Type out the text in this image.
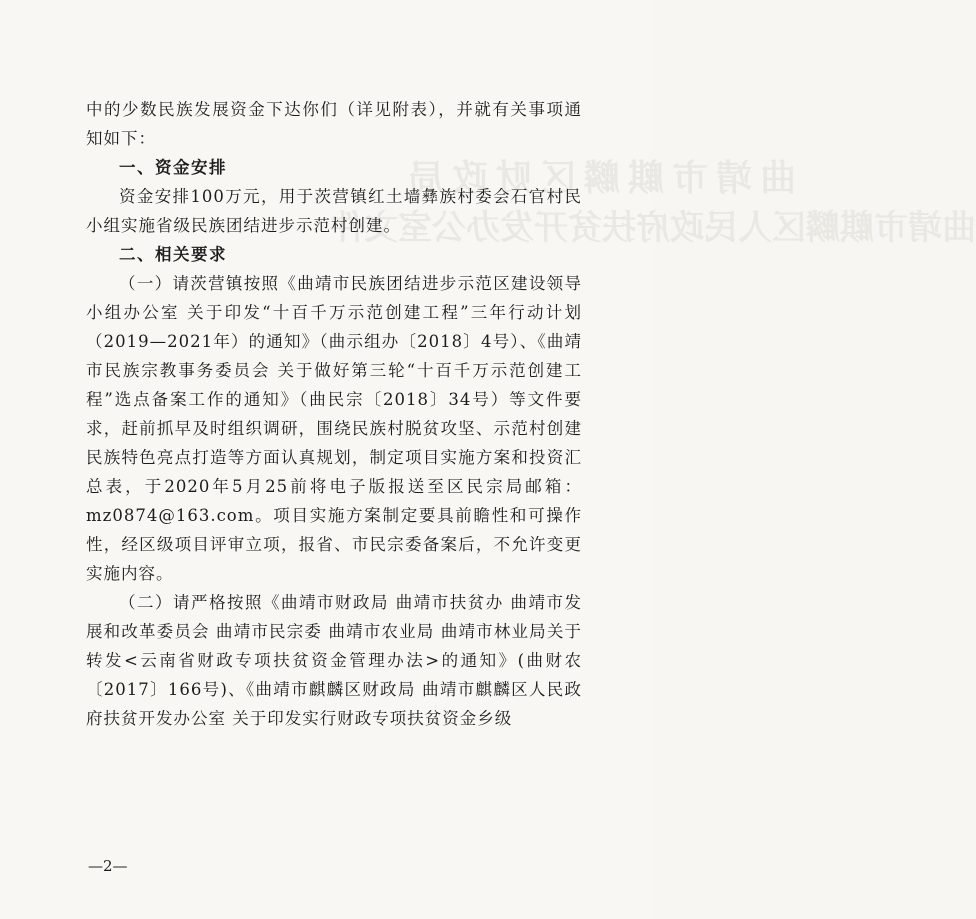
曲靖市麒麟区财政局
曲靖市麒麟区人民政府扶贫开发办公室文件

中的少数民族发展资金下达你们（详见附表），并就有关事项通知如下：

一、资金安排

资金安排100万元，用于茨营镇红土墙彝族村委会石官村民小组实施省级民族团结进步示范村创建。

二、相关要求

（一）请茨营镇按照《曲靖市民族团结进步示范区建设领导小组办公室 关于印发“十百千万示范创建工程”三年行动计划（2019—2021年）的通知》（曲示组办〔2018〕4号）、《曲靖市民族宗教事务委员会 关于做好第三轮“十百千万示范创建工程”选点备案工作的通知》（曲民宗〔2018〕34号）等文件要求，赶前抓早及时组织调研，围绕民族村脱贫攻坚、示范村创建民族特色亮点打造等方面认真规划，制定项目实施方案和投资汇总表，于2020年5月25前将电子版报送至区民宗局邮箱：mz0874@163.com。项目实施方案制定要具前瞻性和可操作性，经区级项目评审立项，报省、市民宗委备案后，不允许变更实施内容。

（二）请严格按照《曲靖市财政局 曲靖市扶贫办 曲靖市发展和改革委员会 曲靖市民宗委 曲靖市农业局 曲靖市林业局关于转发<云南省财政专项扶贫资金管理办法>的通知》(曲财农〔2017〕166号)、《曲靖市麒麟区财政局 曲靖市麒麟区人民政府扶贫开发办公室 关于印发实行财政专项扶贫资金乡级

—2—
